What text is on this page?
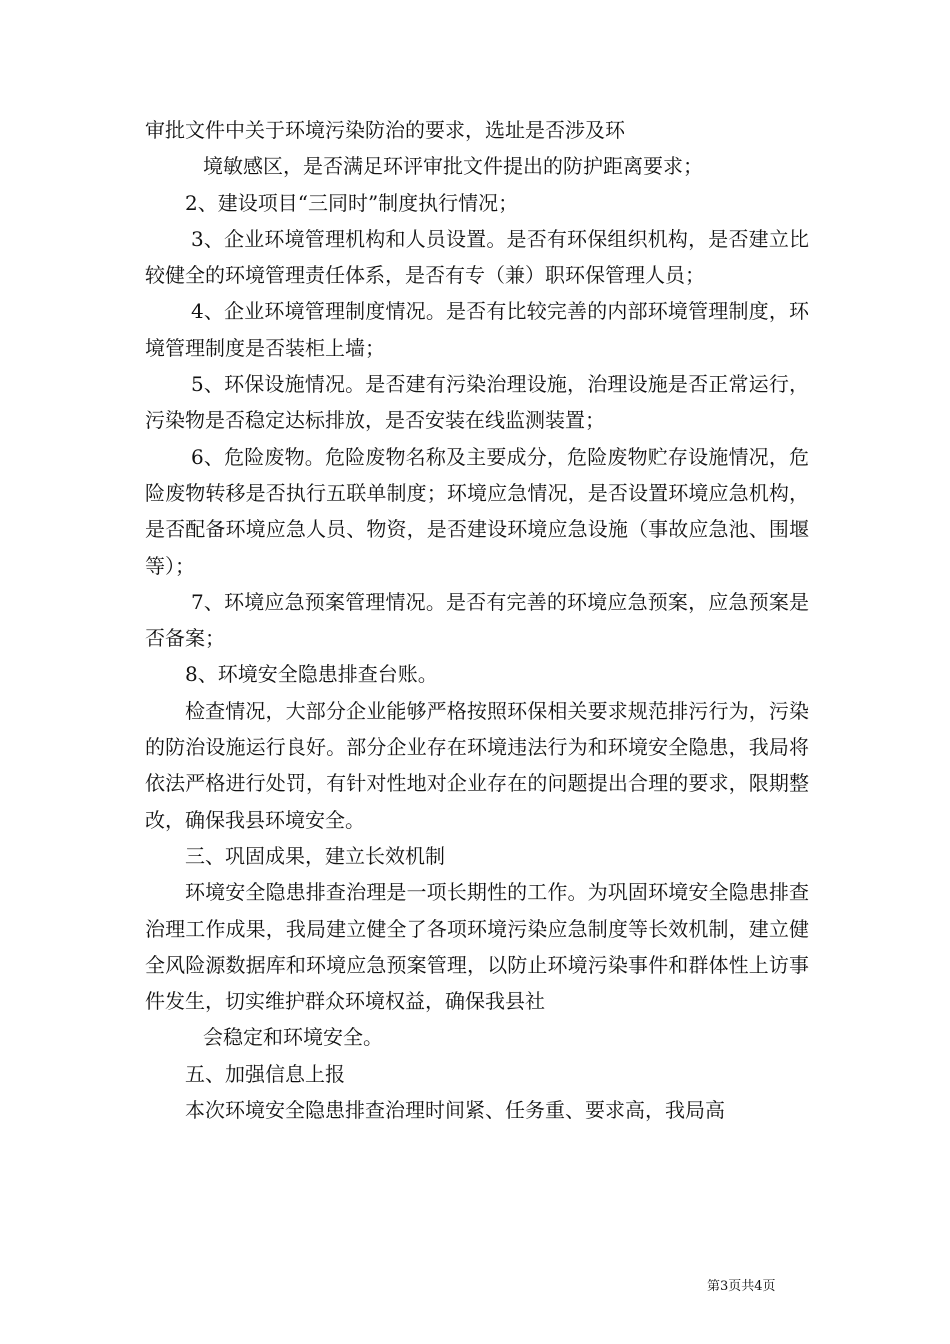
审批文件中关于环境污染防治的要求，选址是否涉及环

境敏感区，是否满足环评审批文件提出的防护距离要求；

2、建设项目“三同时”制度执行情况；

3、企业环境管理机构和人员设置。是否有环保组织机构，是否建立比较健全的环境管理责任体系，是否有专（兼）职环保管理人员；

4、企业环境管理制度情况。是否有比较完善的内部环境管理制度，环境管理制度是否装柜上墙；

5、环保设施情况。是否建有污染治理设施，治理设施是否正常运行，污染物是否稳定达标排放，是否安装在线监测装置；

6、危险废物。危险废物名称及主要成分，危险废物贮存设施情况，危险废物转移是否执行五联单制度；环境应急情况，是否设置环境应急机构，是否配备环境应急人员、物资，是否建设环境应急设施（事故应急池、围堰等）；

7、环境应急预案管理情况。是否有完善的环境应急预案，应急预案是否备案；

8、环境安全隐患排查台账。

检查情况，大部分企业能够严格按照环保相关要求规范排污行为，污染的防治设施运行良好。部分企业存在环境违法行为和环境安全隐患，我局将依法严格进行处罚，有针对性地对企业存在的问题提出合理的要求，限期整改，确保我县环境安全。

三、巩固成果，建立长效机制

环境安全隐患排查治理是一项长期性的工作。为巩固环境安全隐患排查治理工作成果，我局建立健全了各项环境污染应急制度等长效机制，建立健全风险源数据库和环境应急预案管理，以防止环境污染事件和群体性上访事件发生，切实维护群众环境权益，确保我县社

会稳定和环境安全。

五、加强信息上报

本次环境安全隐患排查治理时间紧、任务重、要求高，我局高

第3页共4页
